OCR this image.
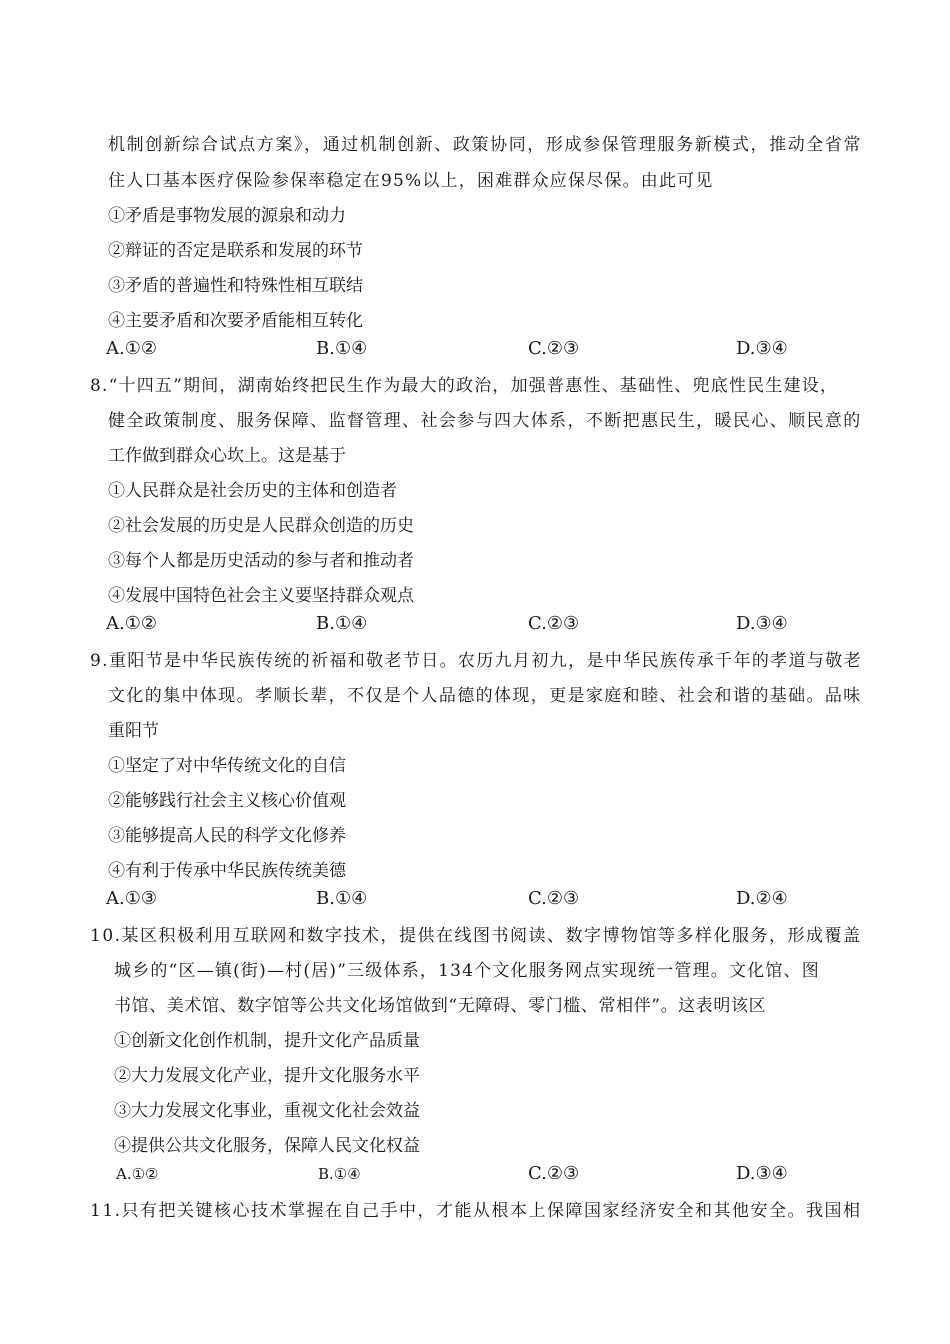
机制创新综合试点方案》，通过机制创新、政策协同，形成参保管理服务新模式，推动全省常
住人口基本医疗保险参保率稳定在95%以上，困难群众应保尽保。由此可见
①矛盾是事物发展的源泉和动力
②辩证的否定是联系和发展的环节
③矛盾的普遍性和特殊性相互联结
④主要矛盾和次要矛盾能相互转化
A.①②	B.①④	C.②③	D.③④
8.“十四五”期间，湖南始终把民生作为最大的政治，加强普惠性、基础性、兜底性民生建设，
健全政策制度、服务保障、监督管理、社会参与四大体系，不断把惠民生，暖民心、顺民意的
工作做到群众心坎上。这是基于
①人民群众是社会历史的主体和创造者
②社会发展的历史是人民群众创造的历史
③每个人都是历史活动的参与者和推动者
④发展中国特色社会主义要坚持群众观点
A.①②	B.①④	C.②③	D.③④
9.重阳节是中华民族传统的祈福和敬老节日。农历九月初九，是中华民族传承千年的孝道与敬老
文化的集中体现。孝顺长辈，不仅是个人品德的体现，更是家庭和睦、社会和谐的基础。品味
重阳节
①坚定了对中华传统文化的自信
②能够践行社会主义核心价值观
③能够提高人民的科学文化修养
④有利于传承中华民族传统美德
A.①③	B.①④	C.②③	D.②④
10.某区积极利用互联网和数字技术，提供在线图书阅读、数字博物馆等多样化服务，形成覆盖
城乡的“区—镇(街)—村(居)”三级体系，134个文化服务网点实现统一管理。文化馆、图
书馆、美术馆、数字馆等公共文化场馆做到“无障碍、零门槛、常相伴”。这表明该区
①创新文化创作机制，提升文化产品质量
②大力发展文化产业，提升文化服务水平
③大力发展文化事业，重视文化社会效益
④提供公共文化服务，保障人民文化权益
A.①②	B.①④	C.②③	D.③④
11.只有把关键核心技术掌握在自己手中，才能从根本上保障国家经济安全和其他安全。我国相
